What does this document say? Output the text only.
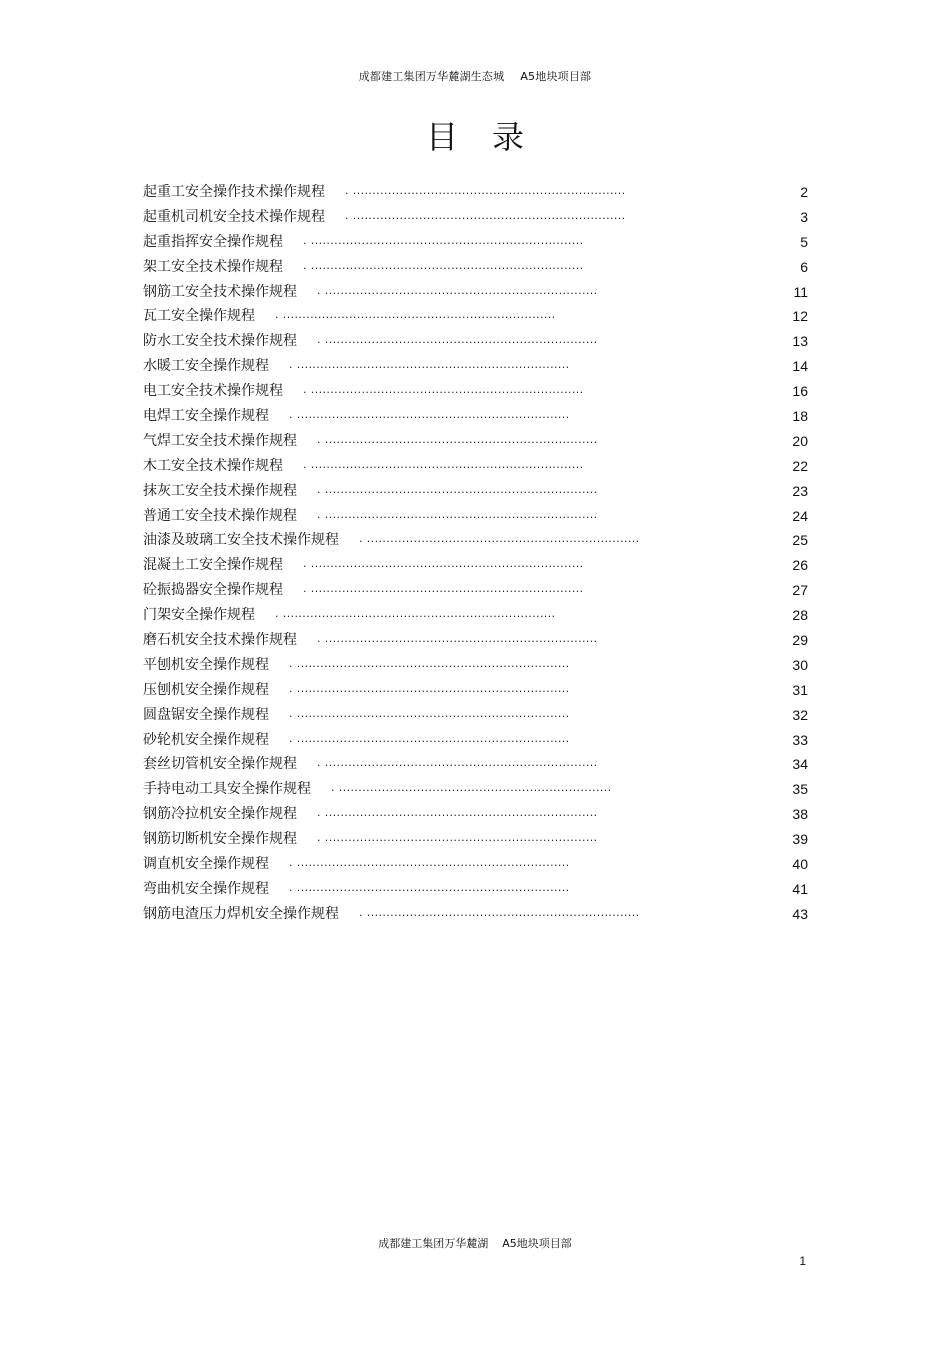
成都建工集团万华麓湖生态城 A5地块项目部
目录
起重工安全操作技术操作规程 . ......................................................................	2
起重机司机安全技术操作规程 . ......................................................................	3
起重指挥安全操作规程 . ......................................................................	5
架工安全技术操作规程 . ......................................................................	6
钢筋工安全技术操作规程 . ......................................................................	11
瓦工安全操作规程 . ......................................................................	12
防水工安全技术操作规程 . ......................................................................	13
水暖工安全操作规程 . ......................................................................	14
电工安全技术操作规程 . ......................................................................	16
电焊工安全操作规程 . ......................................................................	18
气焊工安全技术操作规程 . ......................................................................	20
木工安全技术操作规程 . ......................................................................	22
抹灰工安全技术操作规程 . ......................................................................	23
普通工安全技术操作规程 . ......................................................................	24
油漆及玻璃工安全技术操作规程 . ......................................................................	25
混凝土工安全操作规程 . ......................................................................	26
砼振捣器安全操作规程 . ......................................................................	27
门架安全操作规程 . ......................................................................	28
磨石机安全技术操作规程 . ......................................................................	29
平刨机安全操作规程 . ......................................................................	30
压刨机安全操作规程 . ......................................................................	31
圆盘锯安全操作规程 . ......................................................................	32
砂轮机安全操作规程 . ......................................................................	33
套丝切管机安全操作规程 . ......................................................................	34
手持电动工具安全操作规程 . ......................................................................	35
钢筋冷拉机安全操作规程 . ......................................................................	38
钢筋切断机安全操作规程 . ......................................................................	39
调直机安全操作规程 . ......................................................................	40
弯曲机安全操作规程 . ......................................................................	41
钢筋电渣压力焊机安全操作规程 . ......................................................................	43
成都建工集团万华麓湖 A5地块项目部
1
